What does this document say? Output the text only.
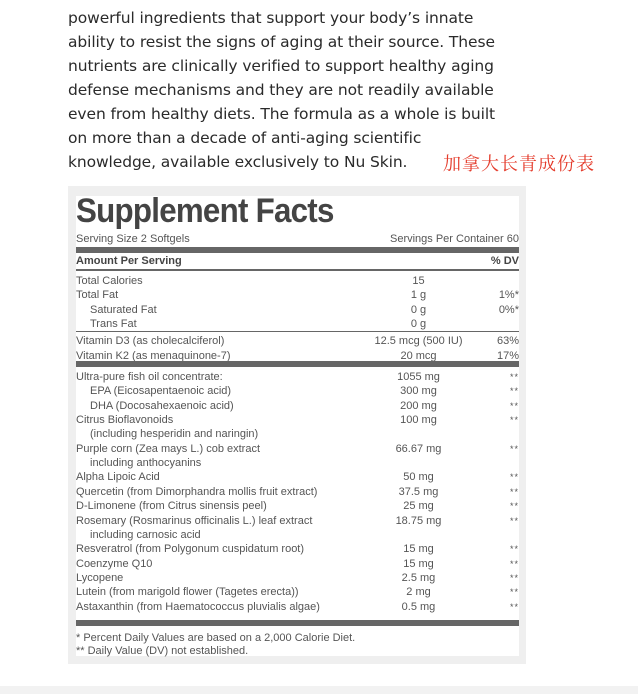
powerful ingredients that support your body’s innate
ability to resist the signs of aging at their source. These
nutrients are clinically verified to support healthy aging
defense mechanisms and they are not readily available
even from healthy diets. The formula as a whole is built
on more than a decade of anti-aging scientific
knowledge, available exclusively to Nu Skin.	加拿大长青成份表
Supplement Facts
Serving Size 2 Softgels	Servings Per Container 60
Amount Per Serving	% DV
Total Calories	15
Total Fat	1 g	1%*
Saturated Fat	0 g	0%*
Trans Fat	0 g
Vitamin D3 (as cholecalciferol)	12.5 mcg (500 IU)	63%
Vitamin K2 (as menaquinone-7)	20 mcg	17%
Ultra-pure fish oil concentrate:	1055 mg	**
EPA (Eicosapentaenoic acid)	300 mg	**
DHA (Docosahexaenoic acid)	200 mg	**
Citrus Bioflavonoids	100 mg	**
(including hesperidin and naringin)
Purple corn (Zea mays L.) cob extract	66.67 mg	**
including anthocyanins
Alpha Lipoic Acid	50 mg	**
Quercetin (from Dimorphandra mollis fruit extract)	37.5 mg	**
D-Limonene (from Citrus sinensis peel)	25 mg	**
Rosemary (Rosmarinus officinalis L.) leaf extract	18.75 mg	**
including carnosic acid
Resveratrol (from Polygonum cuspidatum root)	15 mg	**
Coenzyme Q10	15 mg	**
Lycopene	2.5 mg	**
Lutein (from marigold flower (Tagetes erecta))	2 mg	**
Astaxanthin (from Haematococcus pluvialis algae)	0.5 mg	**
* Percent Daily Values are based on a 2,000 Calorie Diet.
** Daily Value (DV) not established.
